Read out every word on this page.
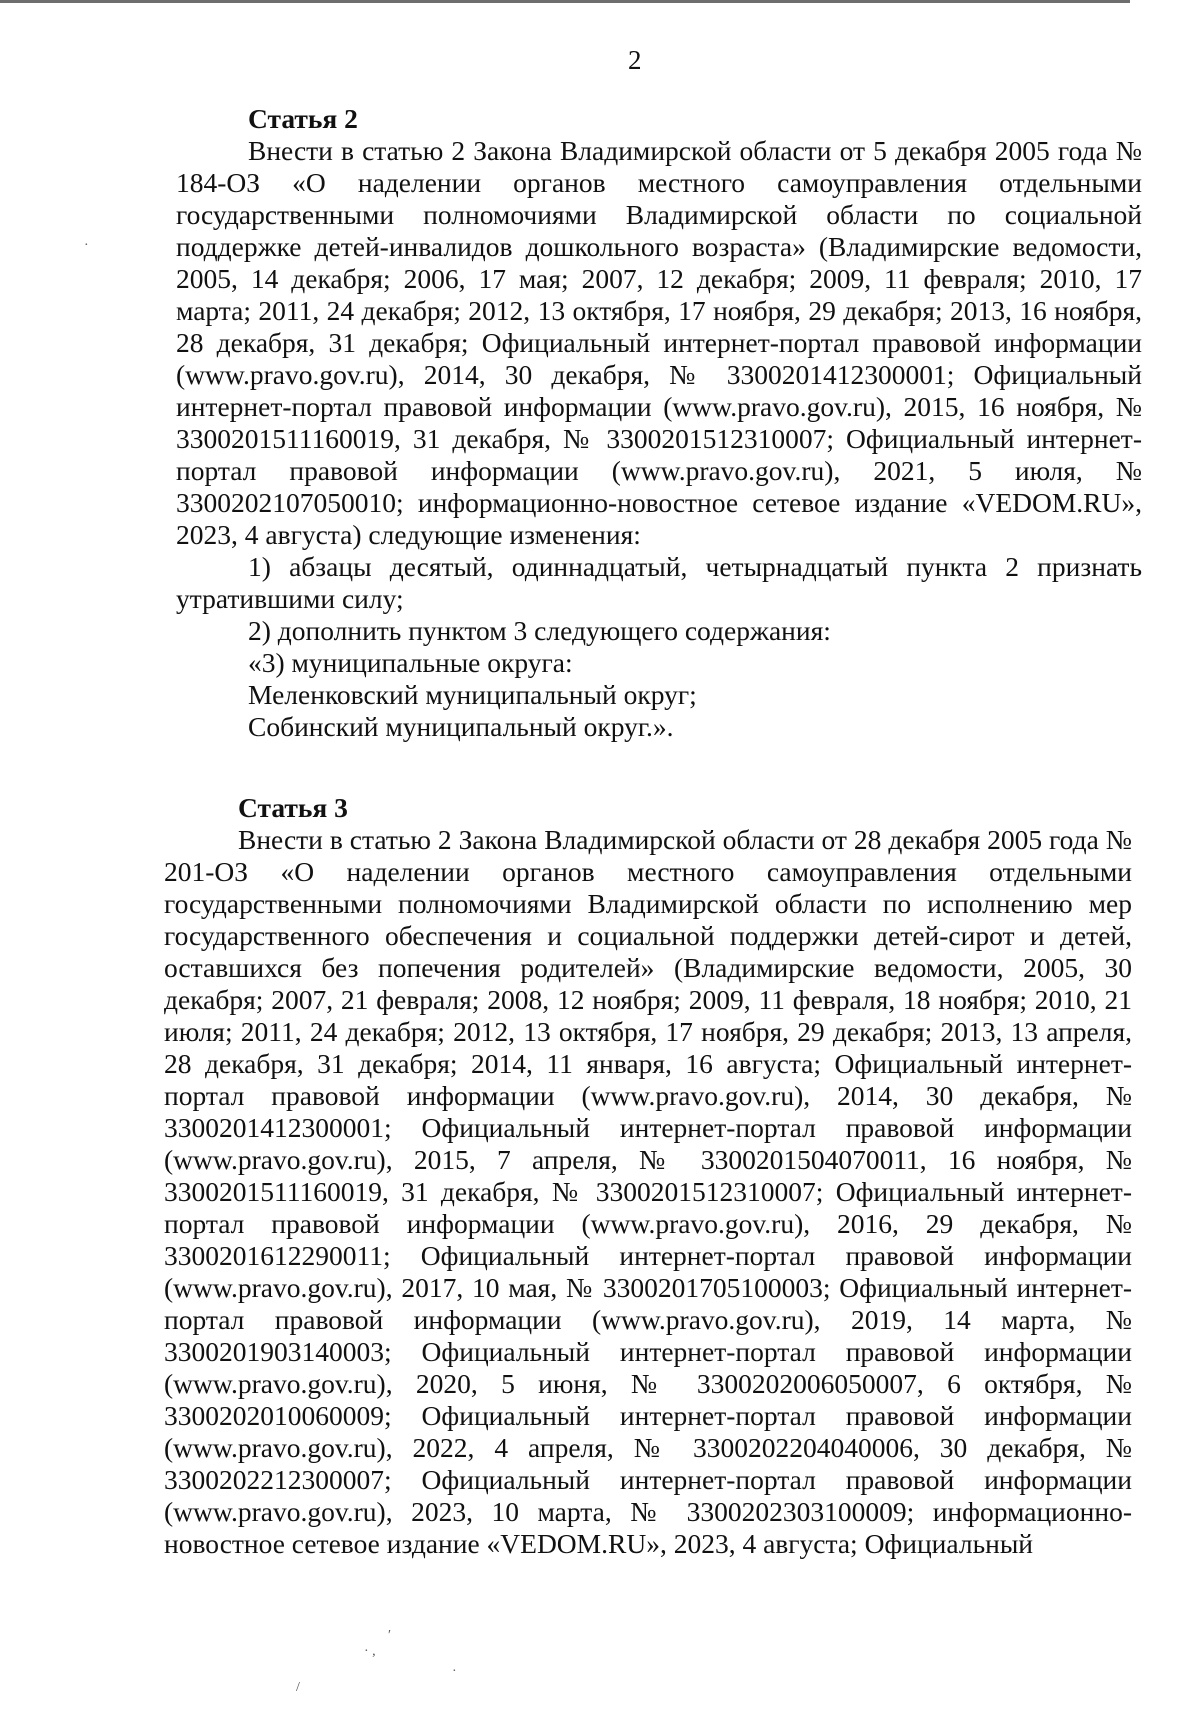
2

Статья 2

Внести в статью 2 Закона Владимирской области от 5 декабря 2005 года № 184-ОЗ «О наделении органов местного самоуправления отдельными государственными полномочиями Владимирской области по социальной поддержке детей-инвалидов дошкольного возраста» (Владимирские ведомости, 2005, 14 декабря; 2006, 17 мая; 2007, 12 декабря; 2009, 11 февраля; 2010, 17 марта; 2011, 24 декабря; 2012, 13 октября, 17 ноября, 29 декабря; 2013, 16 ноября, 28 декабря, 31 декабря; Официальный интернет-портал правовой информации (www.pravo.gov.ru), 2014, 30 декабря, № 3300201412300001; Официальный интернет-портал правовой информации (www.pravo.gov.ru), 2015, 16 ноября, № 3300201511160019, 31 декабря, № 3300201512310007; Официальный интернет-портал правовой информации (www.pravo.gov.ru), 2021, 5 июля, № 3300202107050010; информационно-новостное сетевое издание «VEDOM.RU», 2023, 4 августа) следующие изменения:

1) абзацы десятый, одиннадцатый, четырнадцатый пункта 2 признать утратившими силу;

2) дополнить пунктом 3 следующего содержания:

«3) муниципальные округа:

Меленковский муниципальный округ;

Собинский муниципальный округ.».

Статья 3

Внести в статью 2 Закона Владимирской области от 28 декабря 2005 года № 201-ОЗ «О наделении органов местного самоуправления отдельными государственными полномочиями Владимирской области по исполнению мер государственного обеспечения и социальной поддержки детей-сирот и детей, оставшихся без попечения родителей» (Владимирские ведомости, 2005, 30 декабря; 2007, 21 февраля; 2008, 12 ноября; 2009, 11 февраля, 18 ноября; 2010, 21 июля; 2011, 24 декабря; 2012, 13 октября, 17 ноября, 29 декабря; 2013, 13 апреля, 28 декабря, 31 декабря; 2014, 11 января, 16 августа; Официальный интернет-портал правовой информации (www.pravo.gov.ru), 2014, 30 декабря, № 3300201412300001; Официальный интернет-портал правовой информации (www.pravo.gov.ru), 2015, 7 апреля, № 3300201504070011, 16 ноября, № 3300201511160019, 31 декабря, № 3300201512310007; Официальный интернет-портал правовой информации (www.pravo.gov.ru), 2016, 29 декабря, № 3300201612290011; Официальный интернет-портал правовой информации (www.pravo.gov.ru), 2017, 10 мая, № 3300201705100003; Официальный интернет-портал правовой информации (www.pravo.gov.ru), 2019, 14 марта, № 3300201903140003; Официальный интернет-портал правовой информации (www.pravo.gov.ru), 2020, 5 июня, № 3300202006050007, 6 октября, № 3300202010060009; Официальный интернет-портал правовой информации (www.pravo.gov.ru), 2022, 4 апреля, № 3300202204040006, 30 декабря, № 3300202212300007; Официальный интернет-портал правовой информации (www.pravo.gov.ru), 2023, 10 марта, № 3300202303100009; информационно-новостное сетевое издание «VEDOM.RU», 2023, 4 августа; Официальный

·
′
· ,
/
·
